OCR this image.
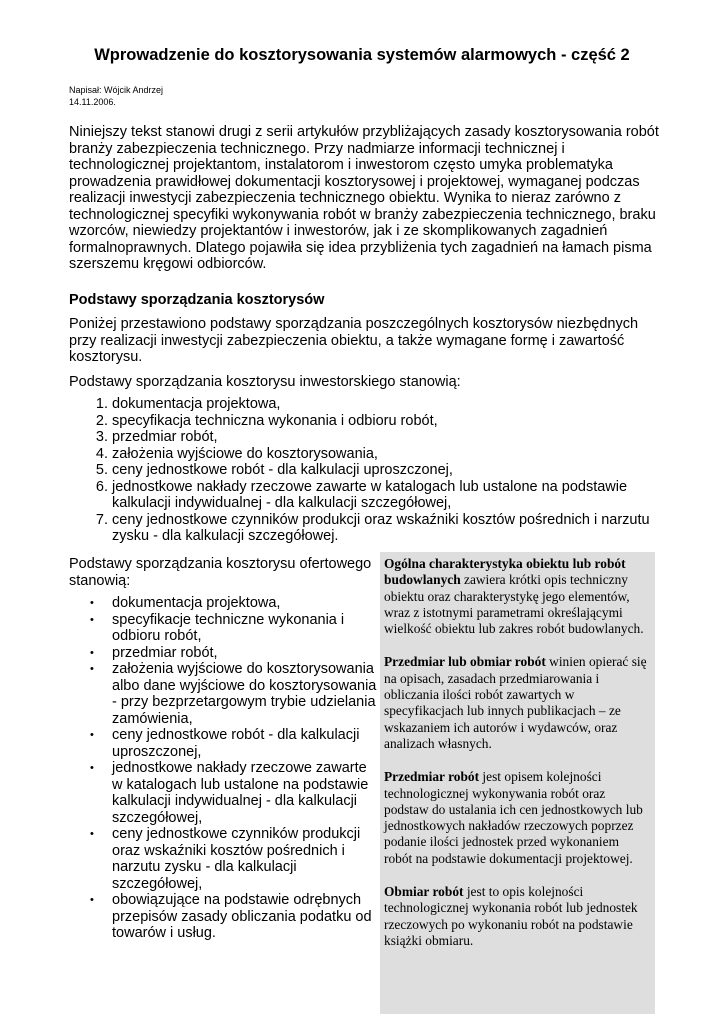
Wprowadzenie do kosztorysowania systemów alarmowych - część 2
Napisał: Wójcik Andrzej
14.11.2006.
Niniejszy tekst stanowi drugi z serii artykułów przybliżających zasady kosztorysowania robót branży zabezpieczenia technicznego. Przy nadmiarze informacji technicznej i technologicznej projektantom, instalatorom i inwestorom często umyka problematyka prowadzenia prawidłowej dokumentacji kosztorysowej i projektowej, wymaganej podczas realizacji inwestycji zabezpieczenia technicznego obiektu. Wynika to nieraz zarówno z technologicznej specyfiki wykonywania robót w branży zabezpieczenia technicznego, braku wzorców, niewiedzy projektantów i inwestorów, jak i ze skomplikowanych zagadnień formalnoprawnych. Dlatego pojawiła się idea przybliżenia tych zagadnień na łamach pisma szerszemu kręgowi odbiorców.
Podstawy sporządzania kosztorysów
Poniżej przestawiono podstawy sporządzania poszczególnych kosztorysów niezbędnych przy realizacji inwestycji zabezpieczenia obiektu, a także wymagane formę i zawartość kosztorysu.
Podstawy sporządzania kosztorysu inwestorskiego stanowią:
1. dokumentacja projektowa,
2. specyfikacja techniczna wykonania i odbioru robót,
3. przedmiar robót,
4. założenia wyjściowe do kosztorysowania,
5. ceny jednostkowe robót - dla kalkulacji uproszczonej,
6. jednostkowe nakłady rzeczowe zawarte w katalogach lub ustalone na podstawie kalkulacji indywidualnej - dla kalkulacji szczegółowej,
7. ceny jednostkowe czynników produkcji oraz wskaźniki kosztów pośrednich i narzutu zysku - dla kalkulacji szczegółowej.

Podstawy sporządzania kosztorysu ofertowego stanowią:

• dokumentacja projektowa,
• specyfikacje techniczne wykonania i odbioru robót,
• przedmiar robót,
• założenia wyjściowe do kosztorysowania albo dane wyjściowe do kosztorysowania - przy bezprzetargowym trybie udzielania zamówienia,
• ceny jednostkowe robót - dla kalkulacji uproszczonej,
• jednostkowe nakłady rzeczowe zawarte w katalogach lub ustalone na podstawie kalkulacji indywidualnej - dla kalkulacji szczegółowej,
• ceny jednostkowe czynników produkcji oraz wskaźniki kosztów pośrednich i narzutu zysku - dla kalkulacji szczegółowej,
• obowiązujące na podstawie odrębnych przepisów zasady obliczania podatku od towarów i usług.

Ogólna charakterystyka obiektu lub robót budowlanych zawiera krótki opis techniczny obiektu oraz charakterystykę jego elementów, wraz z istotnymi parametrami określającymi wielkość obiektu lub zakres robót budowlanych.

Przedmiar lub obmiar robót winien opierać się na opisach, zasadach przedmiarowania i obliczania ilości robót zawartych w specyfikacjach lub innych publikacjach – ze wskazaniem ich autorów i wydawców, oraz analizach własnych.

Przedmiar robót jest opisem kolejności technologicznej wykonywania robót oraz podstaw do ustalania ich cen jednostkowych lub jednostkowych nakładów rzeczowych poprzez podanie ilości jednostek przed wykonaniem robót na podstawie dokumentacji projektowej.

Obmiar robót jest to opis kolejności technologicznej wykonania robót lub jednostek rzeczowych po wykonaniu robót na podstawie książki obmiaru.
